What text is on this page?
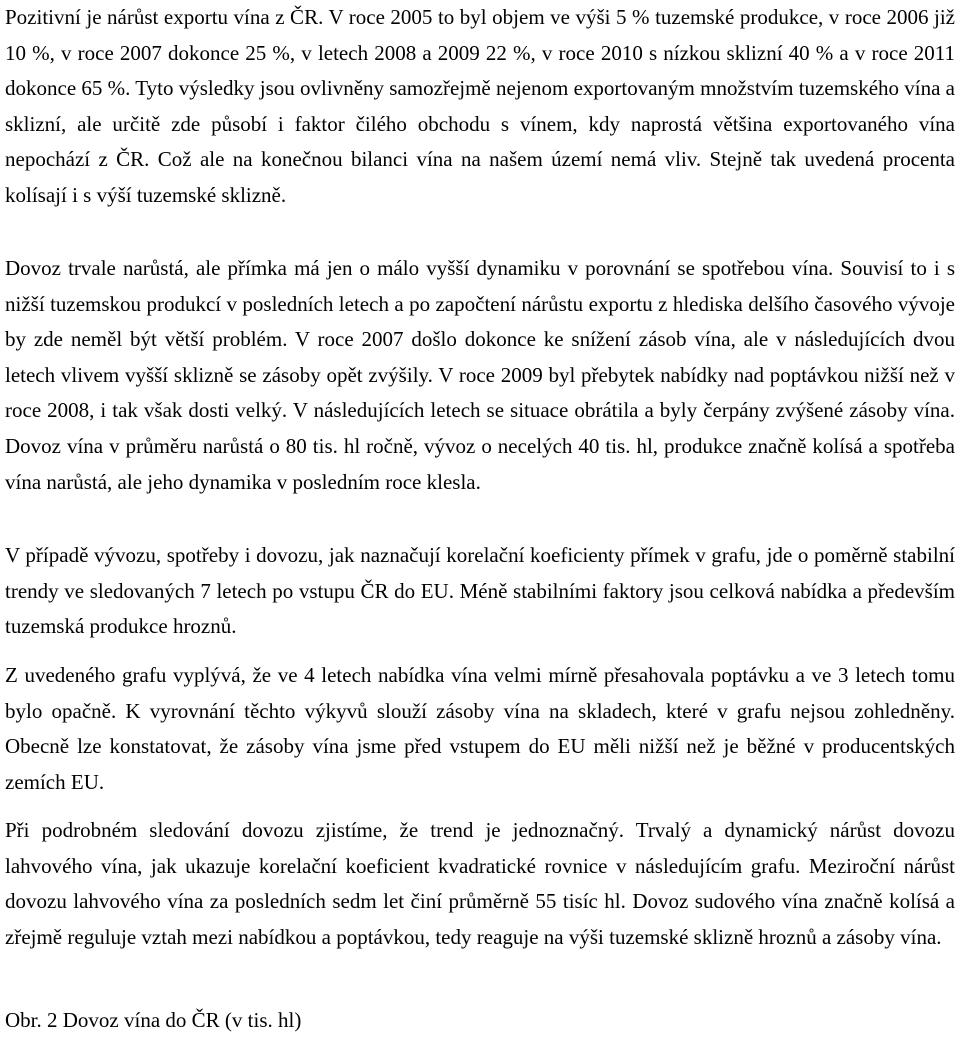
Pozitivní je nárůst exportu vína z ČR. V roce 2005 to byl objem ve výši 5 % tuzemské produkce, v roce 2006 již 10 %, v roce 2007 dokonce 25 %, v letech 2008 a 2009 22 %, v roce 2010 s nízkou sklizní 40 % a v roce 2011 dokonce 65 %. Tyto výsledky jsou ovlivněny samozřejmě nejenom exportovaným množstvím tuzemského vína a sklizní, ale určitě zde působí i faktor čilého obchodu s vínem, kdy naprostá většina exportovaného vína nepochází z ČR. Což ale na konečnou bilanci vína na našem území nemá vliv. Stejně tak uvedená procenta kolísají i s výší tuzemské sklizně.

Dovoz trvale narůstá, ale přímka má jen o málo vyšší dynamiku v porovnání se spotřebou vína. Souvisí to i s nižší tuzemskou produkcí v posledních letech a po započtení nárůstu exportu z hlediska delšího časového vývoje by zde neměl být větší problém. V roce 2007 došlo dokonce ke snížení zásob vína, ale v následujících dvou letech vlivem vyšší sklizně se zásoby opět zvýšily. V roce 2009 byl přebytek nabídky nad poptávkou nižší než v roce 2008, i tak však dosti velký. V následujících letech se situace obrátila a byly čerpány zvýšené zásoby vína. Dovoz vína v průměru narůstá o 80 tis. hl ročně, vývoz o necelých 40 tis. hl, produkce značně kolísá a spotřeba vína narůstá, ale jeho dynamika v posledním roce klesla.

V případě vývozu, spotřeby i dovozu, jak naznačují korelační koeficienty přímek v grafu, jde o poměrně stabilní trendy ve sledovaných 7 letech po vstupu ČR do EU. Méně stabilními faktory jsou celková nabídka a především tuzemská produkce hroznů.

Z uvedeného grafu vyplývá, že ve 4 letech nabídka vína velmi mírně přesahovala poptávku a ve 3 letech tomu bylo opačně. K vyrovnání těchto výkyvů slouží zásoby vína na skladech, které v grafu nejsou zohledněny. Obecně lze konstatovat, že zásoby vína jsme před vstupem do EU měli nižší než je běžné v producentských zemích EU.

Při podrobném sledování dovozu zjistíme, že trend je jednoznačný. Trvalý a dynamický nárůst dovozu lahvového vína, jak ukazuje korelační koeficient kvadratické rovnice v následujícím grafu. Meziroční nárůst dovozu lahvového vína za posledních sedm let činí průměrně 55 tisíc hl. Dovoz sudového vína značně kolísá a zřejmě reguluje vztah mezi nabídkou a poptávkou, tedy reaguje na výši tuzemské sklizně hroznů a zásoby vína.

Obr. 2 Dovoz vína do ČR (v tis. hl)
